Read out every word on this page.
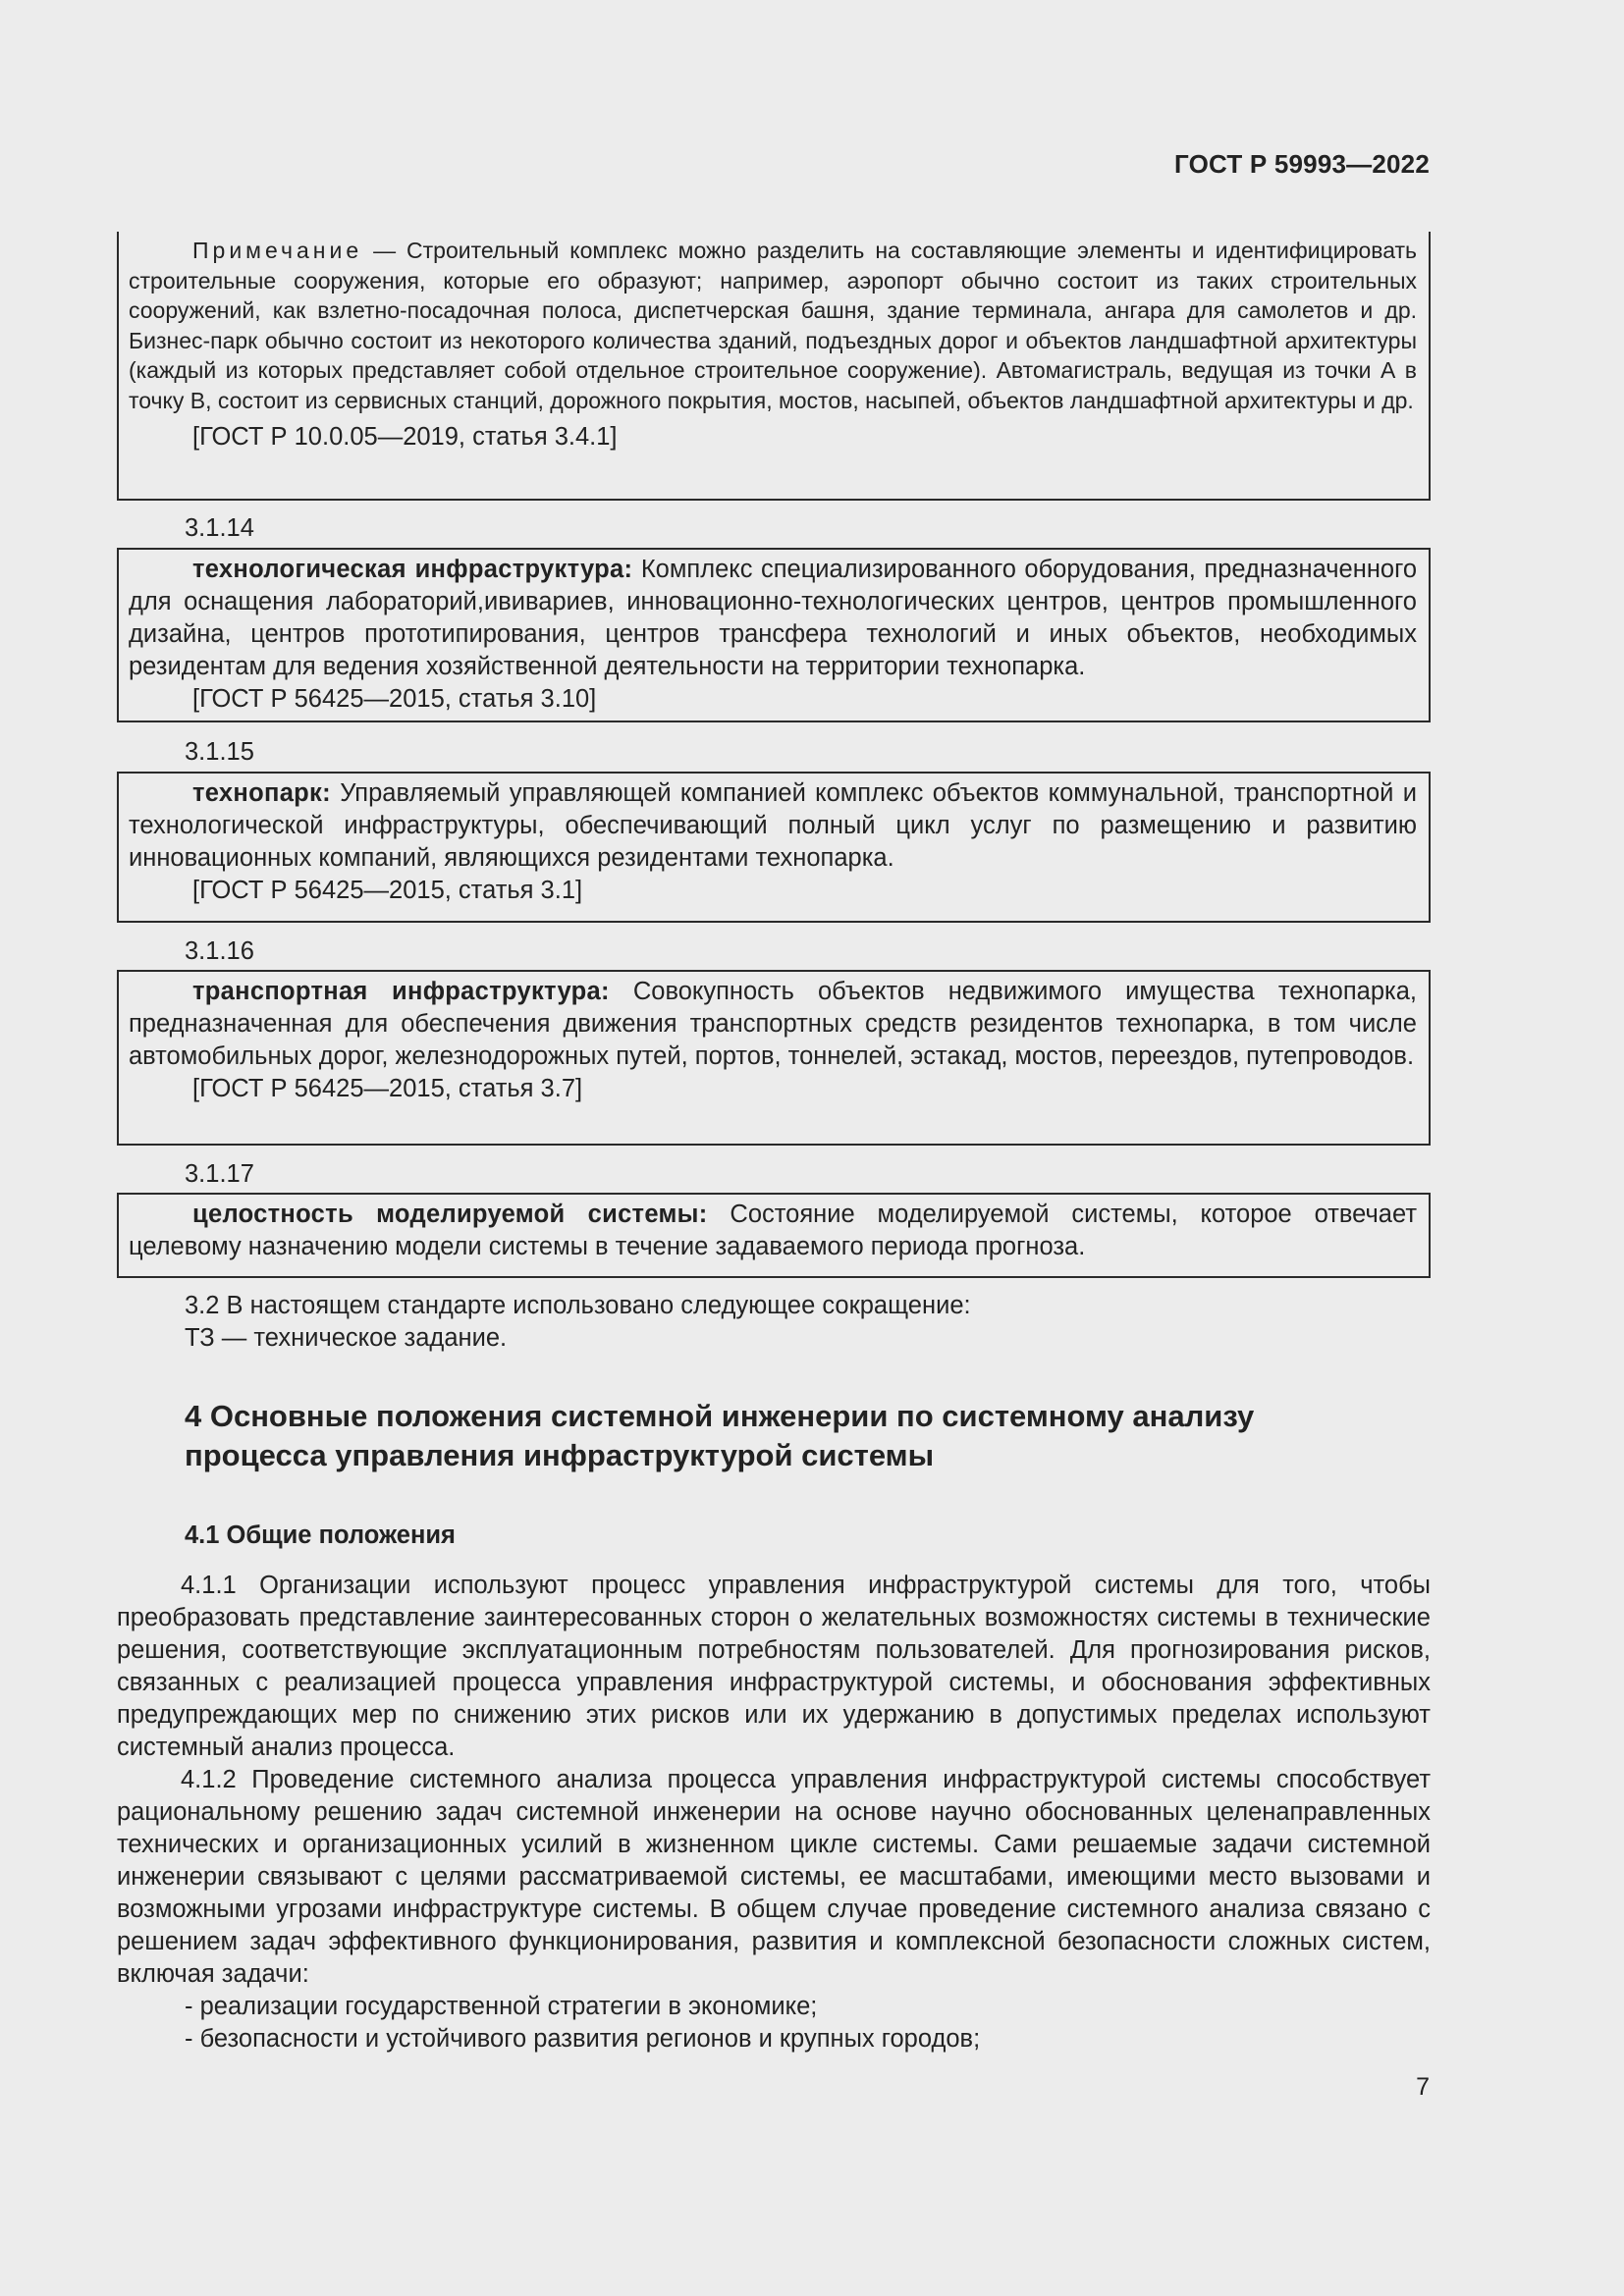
ГОСТ Р 59993—2022

Примечание — Строительный комплекс можно разделить на составляющие элементы и идентифицировать строительные сооружения, которые его образуют; например, аэропорт обычно состоит из таких строительных сооружений, как взлетно-посадочная полоса, диспетчерская башня, здание терминала, ангара для самолетов и др. Бизнес-парк обычно состоит из некоторого количества зданий, подъездных дорог и объектов ландшафтной архитектуры (каждый из которых представляет собой отдельное строительное сооружение). Автомагистраль, ведущая из точки А в точку В, состоит из сервисных станций, дорожного покрытия, мостов, насыпей, объектов ландшафтной архитектуры и др.

[ГОСТ Р 10.0.05—2019, статья 3.4.1]

3.1.14

технологическая инфраструктура: Комплекс специализированного оборудования, предназначенного для оснащения лабораторий,ививариев, инновационно-технологических центров, центров промышленного дизайна, центров прототипирования, центров трансфера технологий и иных объектов, необходимых резидентам для ведения хозяйственной деятельности на территории технопарка.

[ГОСТ Р 56425—2015, статья 3.10]

3.1.15

технопарк: Управляемый управляющей компанией комплекс объектов коммунальной, транспортной и технологической инфраструктуры, обеспечивающий полный цикл услуг по размещению и развитию инновационных компаний, являющихся резидентами технопарка.

[ГОСТ Р 56425—2015, статья 3.1]

3.1.16

транспортная инфраструктура: Совокупность объектов недвижимого имущества технопарка, предназначенная для обеспечения движения транспортных средств резидентов технопарка, в том числе автомобильных дорог, железнодорожных путей, портов, тоннелей, эстакад, мостов, переездов, путепроводов.

[ГОСТ Р 56425—2015, статья 3.7]

3.1.17

целостность моделируемой системы: Состояние моделируемой системы, которое отвечает целевому назначению модели системы в течение задаваемого периода прогноза.

3.2 В настоящем стандарте использовано следующее сокращение:

ТЗ — техническое задание.

4 Основные положения системной инженерии по системному анализу

процесса управления инфраструктурой системы

4.1 Общие положения

4.1.1 Организации используют процесс управления инфраструктурой системы для того, чтобы преобразовать представление заинтересованных сторон о желательных возможностях системы в технические решения, соответствующие эксплуатационным потребностям пользователей. Для прогнозирования рисков, связанных с реализацией процесса управления инфраструктурой системы, и обоснования эффективных предупреждающих мер по снижению этих рисков или их удержанию в допустимых пределах используют системный анализ процесса.

4.1.2 Проведение системного анализа процесса управления инфраструктурой системы способствует рациональному решению задач системной инженерии на основе научно обоснованных целенаправленных технических и организационных усилий в жизненном цикле системы. Сами решаемые задачи системной инженерии связывают с целями рассматриваемой системы, ее масштабами, имеющими место вызовами и возможными угрозами инфраструктуре системы. В общем случае проведение системного анализа связано с решением задач эффективного функционирования, развития и комплексной безопасности сложных систем, включая задачи:

- реализации государственной стратегии в экономике;

- безопасности и устойчивого развития регионов и крупных городов;

7
